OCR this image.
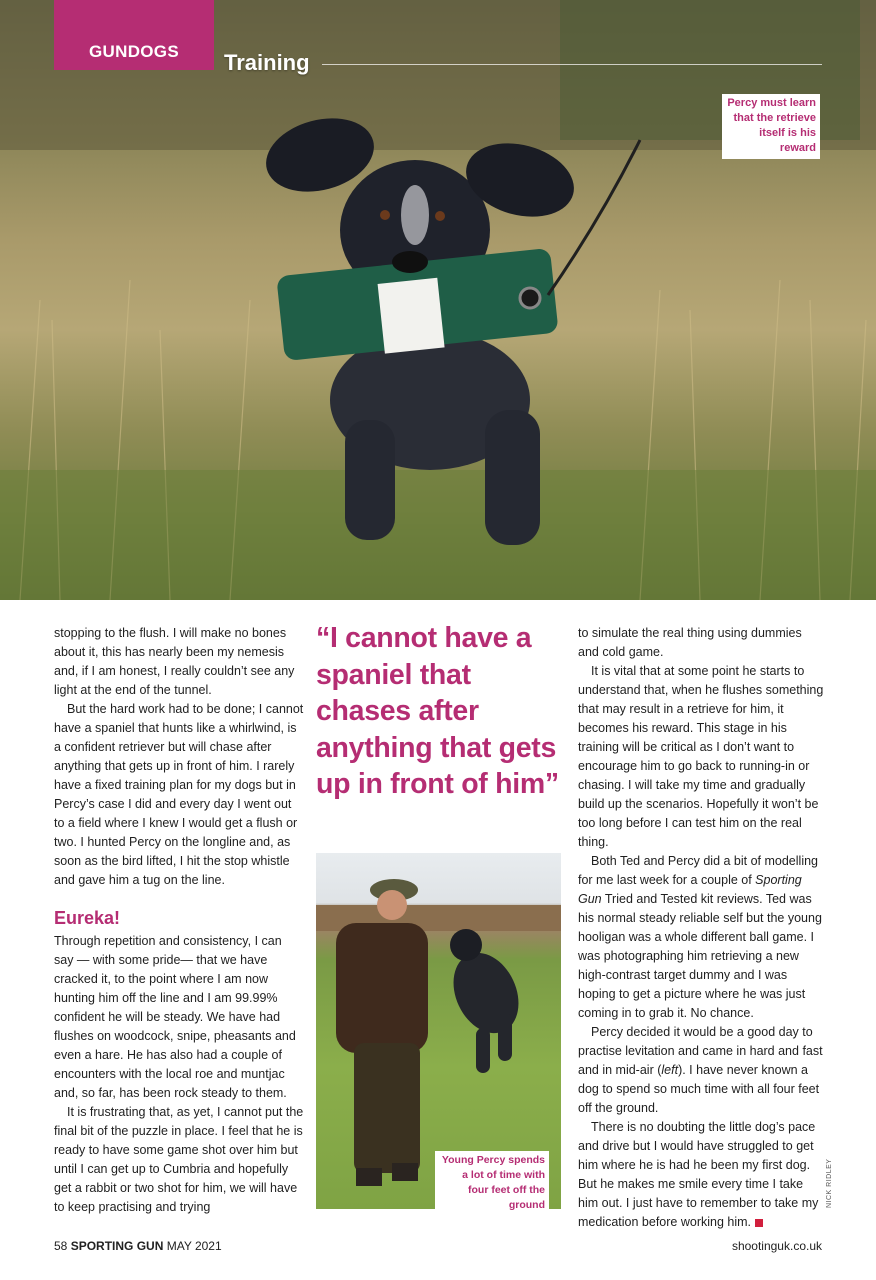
GUNDOGS	Training
Percy must learn that the retrieve itself is his reward

stopping to the flush. I will make no bones about it, this has nearly been my nemesis and, if I am honest, I really couldn’t see any light at the end of the tunnel.

But the hard work had to be done; I cannot have a spaniel that hunts like a whirlwind, is a confident retriever but will chase after anything that gets up in front of him. I rarely have a fixed training plan for my dogs but in Percy’s case I did and every day I went out to a field where I knew I would get a flush or two. I hunted Percy on the longline and, as soon as the bird lifted, I hit the stop whistle and gave him a tug on the line.

Eureka!

Through repetition and consistency, I can say — with some pride— that we have cracked it, to the point where I am now hunting him off the line and I am 99.99% confident he will be steady. We have had flushes on woodcock, snipe, pheasants and even a hare. He has also had a couple of encounters with the local roe and muntjac and, so far, has been rock steady to them.

It is frustrating that, as yet, I cannot put the final bit of the puzzle in place. I feel that he is ready to have some game shot over him but until I can get up to Cumbria and hopefully get a rabbit or two shot for him, we will have to keep practising and trying

“I cannot have a spaniel that chases after anything that gets up in front of him”
Young Percy spends a lot of time with four feet off the ground

to simulate the real thing using dummies and cold game.

It is vital that at some point he starts to understand that, when he flushes something that may result in a retrieve for him, it becomes his reward. This stage in his training will be critical as I don’t want to encourage him to go back to running-in or chasing. I will take my time and gradually build up the scenarios. Hopefully it won’t be too long before I can test him on the real thing.

Both Ted and Percy did a bit of modelling for me last week for a couple of Sporting Gun Tried and Tested kit reviews. Ted was his normal steady reliable self but the young hooligan was a whole different ball game. I was photographing him retrieving a new high-contrast target dummy and I was hoping to get a picture where he was just coming in to grab it. No chance.

Percy decided it would be a good day to practise levitation and came in hard and fast and in mid-air (left). I have never known a dog to spend so much time with all four feet off the ground.

There is no doubting the little dog’s pace and drive but I would have struggled to get him where he is had he been my first dog. But he makes me smile every time I take him out. I just have to remember to take my medication before working him.

NICK RIDLEY
58 SPORTING GUN MAY 2021	shootinguk.co.uk
